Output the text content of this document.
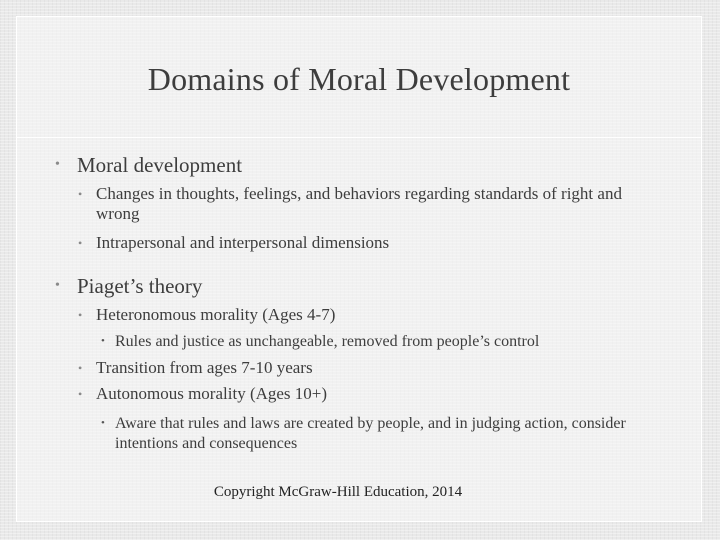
Domains of Moral Development
• Moral development
• Changes in thoughts, feelings, and behaviors regarding standards of right and wrong
• Intrapersonal and interpersonal dimensions
• Piaget’s theory
• Heteronomous morality (Ages 4-7)
• Rules and justice as unchangeable, removed from people’s control
• Transition from ages 7-10 years
• Autonomous morality (Ages 10+)
• Aware that rules and laws are created by people, and in judging action, consider intentions and consequences
Copyright McGraw-Hill Education, 2014
